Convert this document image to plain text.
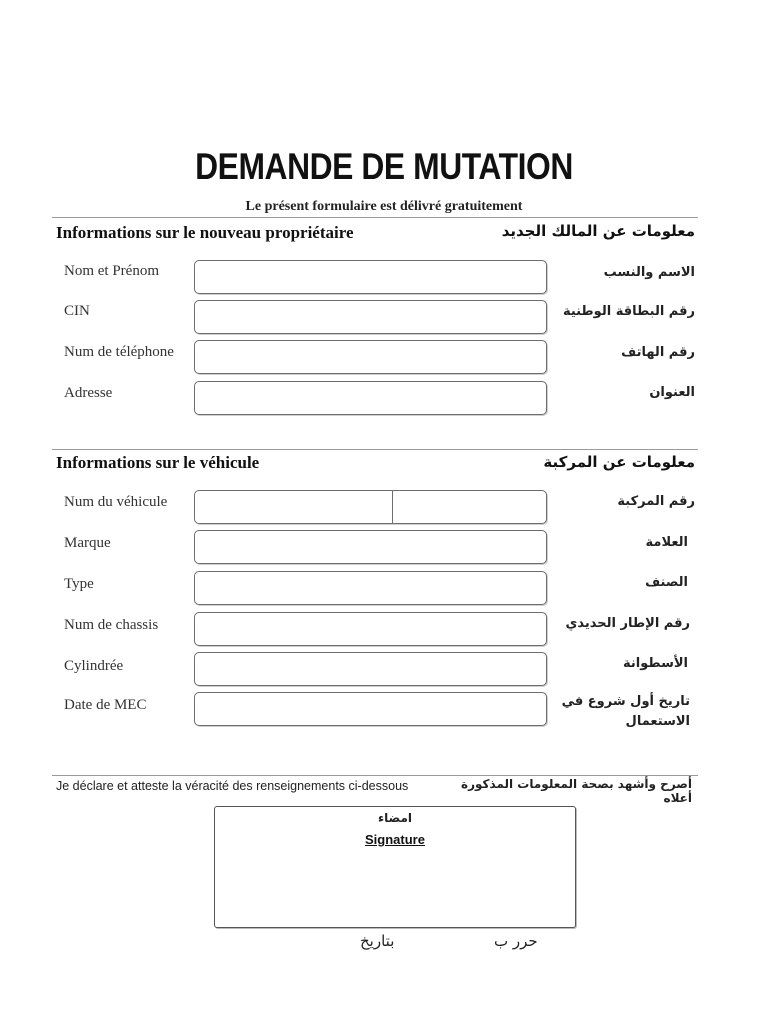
DEMANDE DE MUTATION
Le présent formulaire est délivré gratuitement
Informations sur le nouveau propriétaire	معلومات عن المالك الجديد
Nom et Prénom	الاسم والنسب
CIN	رقم البطاقة الوطنية
Num de téléphone	رقم الهاتف
Adresse	العنوان
Informations sur le véhicule	معلومات عن المركبة
Num du véhicule	رقم المركبة
Marque	العلامة
Type	الصنف
Num de chassis	رقم الإطار الحديدي
Cylindrée	الأسطوانة
Date de MEC	تاريخ أول شروع في الاستعمال
Je déclare et atteste la véracité des renseignements ci-dessous	أصرح وأشهد بصحة المعلومات المذكورة أعلاه
امضاء
Signature
بتاريخ	حرر ب
